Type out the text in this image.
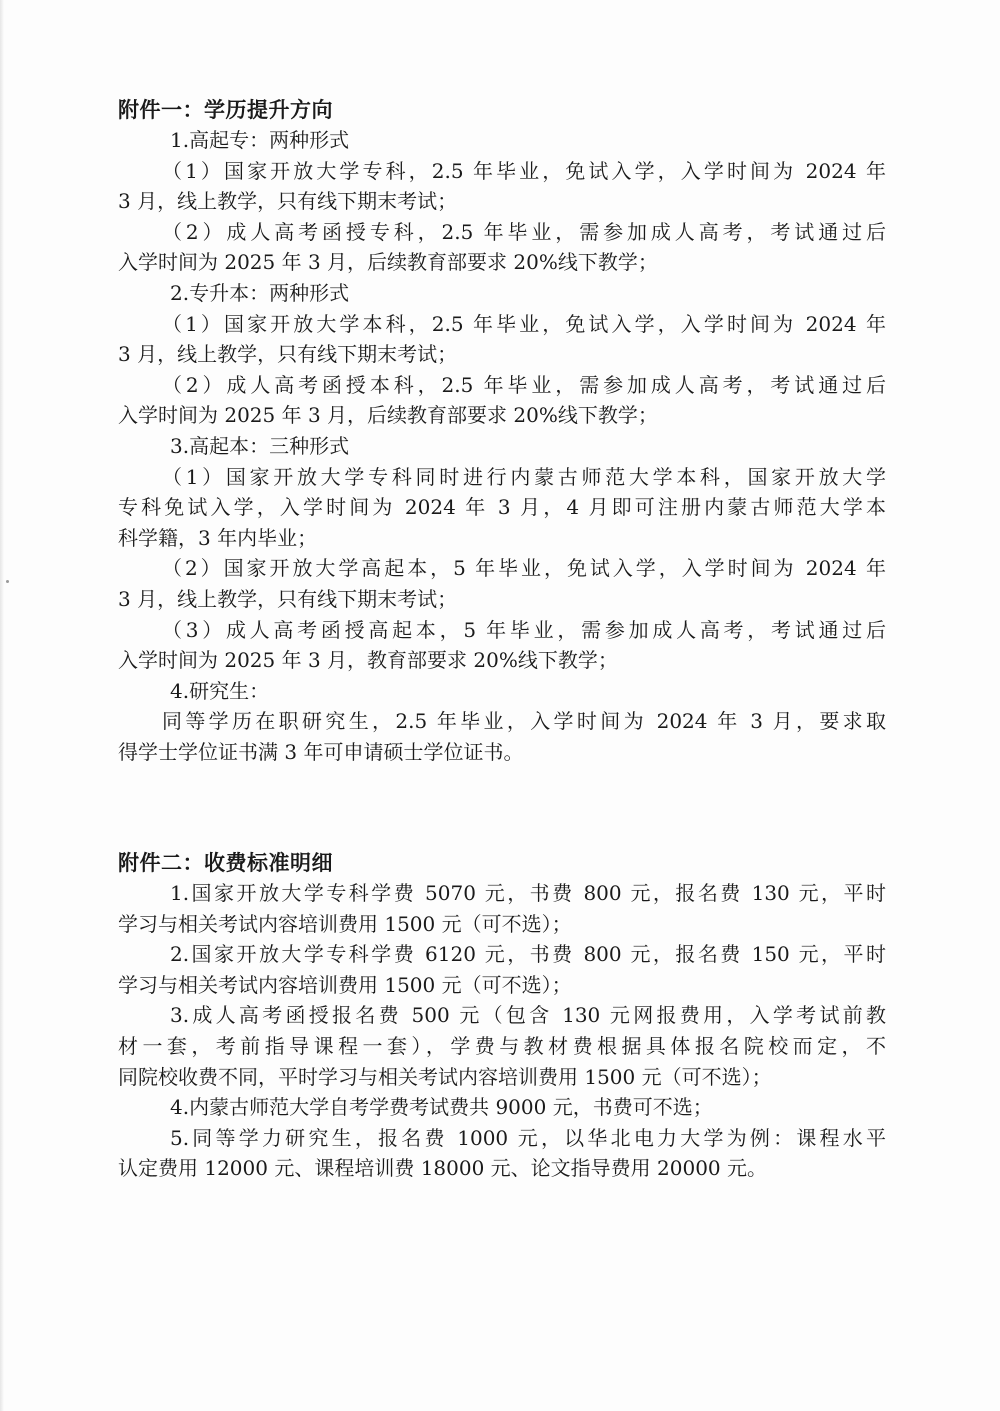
附件一：学历提升方向
1.高起专：两种形式
（1）国家开放大学专科，2.5 年毕业，免试入学，入学时间为 2024 年
3 月，线上教学，只有线下期末考试；
（2）成人高考函授专科，2.5 年毕业，需参加成人高考，考试通过后
入学时间为 2025 年 3 月，后续教育部要求 20%线下教学；
2.专升本：两种形式
（1）国家开放大学本科，2.5 年毕业，免试入学，入学时间为 2024 年
3 月，线上教学，只有线下期末考试；
（2）成人高考函授本科，2.5 年毕业，需参加成人高考，考试通过后
入学时间为 2025 年 3 月，后续教育部要求 20%线下教学；
3.高起本：三种形式
（1）国家开放大学专科同时进行内蒙古师范大学本科，国家开放大学
专科免试入学，入学时间为 2024 年 3 月，4 月即可注册内蒙古师范大学本
科学籍，3 年内毕业；
（2）国家开放大学高起本，5 年毕业，免试入学，入学时间为 2024 年
3 月，线上教学，只有线下期末考试；
（3）成人高考函授高起本，5 年毕业，需参加成人高考，考试通过后
入学时间为 2025 年 3 月，教育部要求 20%线下教学；
4.研究生：
同等学历在职研究生，2.5 年毕业，入学时间为 2024 年 3 月，要求取
得学士学位证书满 3 年可申请硕士学位证书。
附件二：收费标准明细
1.国家开放大学专科学费 5070 元，书费 800 元，报名费 130 元，平时
学习与相关考试内容培训费用 1500 元（可不选）；
2.国家开放大学专科学费 6120 元，书费 800 元，报名费 150 元，平时
学习与相关考试内容培训费用 1500 元（可不选）；
3.成人高考函授报名费 500 元（包含 130 元网报费用，入学考试前教
材一套，考前指导课程一套），学费与教材费根据具体报名院校而定，不
同院校收费不同，平时学习与相关考试内容培训费用 1500 元（可不选）；
4.内蒙古师范大学自考学费考试费共 9000 元，书费可不选；
5.同等学力研究生，报名费 1000 元，以华北电力大学为例：课程水平
认定费用 12000 元、课程培训费 18000 元、论文指导费用 20000 元。
